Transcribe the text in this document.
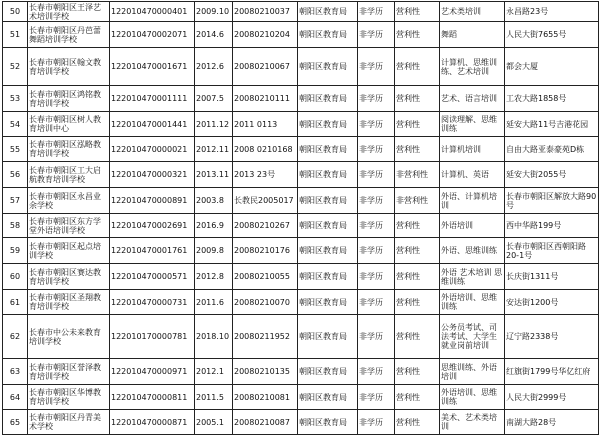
50	长春市朝阳区王泽艺术培训学校	122010470000401	2009.10	20080210037	朝阳区教育局	非学历	营利性	艺术类培训	永昌路23号
51	长春市朝阳区丹芭蕾舞蹈培训学校	122010470002071	2014.6	20080210204	朝阳区教育局	非学历	营利性	舞蹈	人民大街7655号
52	长春市朝阳区翰文教育培训学校	122010470001671	2012.6	20080210067	朝阳区教育局	非学历	营利性	计算机、思维训练、艺术培训	都会大厦
53	长春市朝阳区鸿铭教育培训学校	122010470001111	2007.5	20080210111	朝阳区教育局	非学历	营利性	艺术、语言培训	工农大路1858号
54	长春市朝阳区树人教育培训中心	122010470001441	2011.12	2011 0113	朝阳区教育局	非学历	营利性	阅读理解、思维训练	延安大路11号吉港花园
55	长春市朝阳区泓略教育培训学校	122010470000021	2012.11	2008 0210168	朝阳区教育局	非学历	营利性	计算机培训	自由大路亚泰豪苑D栋
56	长春市朝阳区工大启航教育培训学校	122010470000321	2013.11	2013 23号	朝阳区教育局	非学历	非营利性	计算机、英语	延安大街2055号
57	长春市朝阳区永昌业余学校	122010470000891	2003.8	长教民2005017	朝阳区教育局	非学历	非营利性	外语、计算机培训	长春市朝阳区解放大路90号
58	长春市朝阳区东方学堂外语培训学校	122010470002691	2016.9	20080210267	朝阳区教育局	非学历	营利性	外语培训	西中华路199号
59	长春市朝阳区起点培训学校	122010470001761	2009.8	20080210176	朝阳区教育局	非学历	营利性	外语、思维训练	长春市朝阳区西朝阳路20-1号
60	长春市朝阳区赛达教育培训学校	122010470000571	2012.8	20080210055	朝阳区教育局	非学历	营利性	外语 艺术培训 思维训练	长庆街1311号
61	长春市朝阳区圣翔教育培训学校	122010470000731	2011.6	20080210070	朝阳区教育局	非学历	营利性	外语培训、思维训练	安达街1200号
62	长春市中公未来教育培训学校	122010170000781	2018.10	20080211952	朝阳区教育局	非学历	营利性	公务员考试、司法考试、大学生就业岗前培训	辽宁路2338号
63	长春市朝阳区誉泽教育培训学校	122010470000971	2012.1	20080210135	朝阳区教育局	非学历	营利性	思维训练、外语培训	红旗街1799号华亿红府
64	长春市朝阳区华博教育培训学校	122010470000811	2011.5	20080210081	朝阳区教育局	非学历	营利性	外语培训、思维训练	人民大街2999号
65	长春市朝阳区丹青美术学校	122010470000871	2005.1	20080210087	朝阳区教育局	非学历	营利性	美术、艺术类培训	南湖大路28号
